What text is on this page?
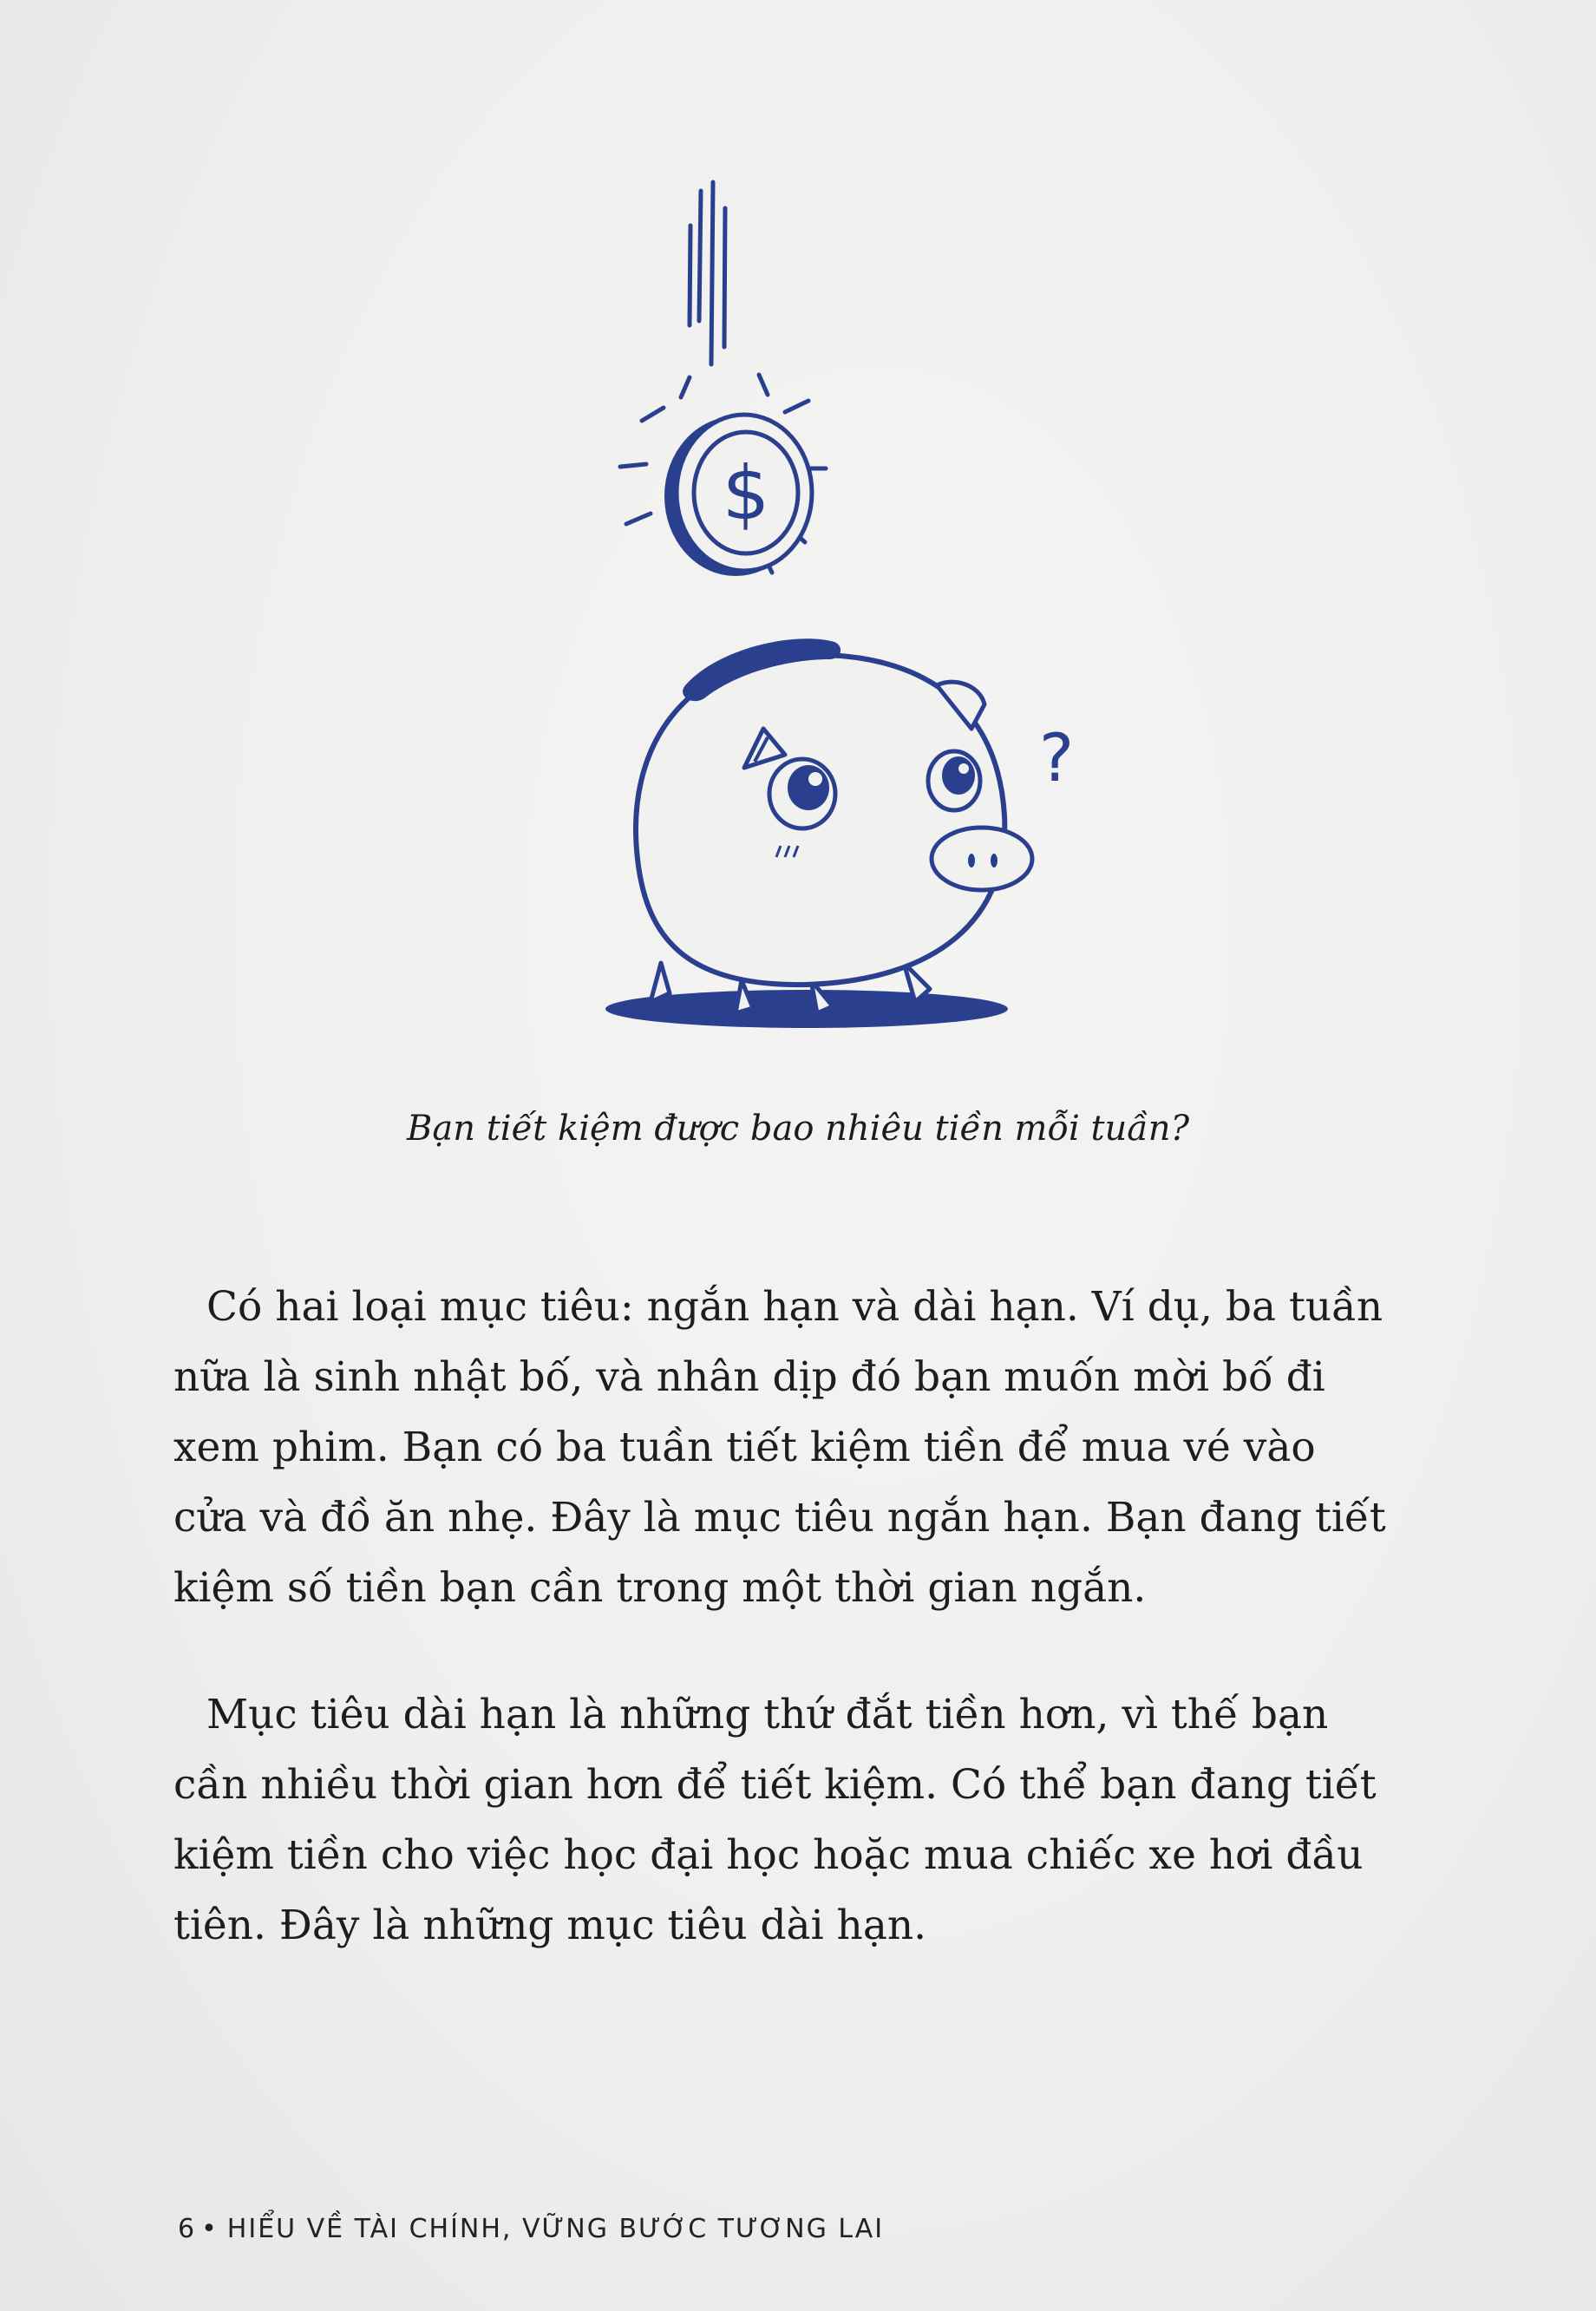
$
?
Bạn tiết kiệm được bao nhiêu tiền mỗi tuần?
Có hai loại mục tiêu: ngắn hạn và dài hạn. Ví dụ, ba tuần
nữa là sinh nhật bố, và nhân dịp đó bạn muốn mời bố đi
xem phim. Bạn có ba tuần tiết kiệm tiền để mua vé vào
cửa và đồ ăn nhẹ. Đây là mục tiêu ngắn hạn. Bạn đang tiết
kiệm số tiền bạn cần trong một thời gian ngắn.
Mục tiêu dài hạn là những thứ đắt tiền hơn, vì thế bạn
cần nhiều thời gian hơn để tiết kiệm. Có thể bạn đang tiết
kiệm tiền cho việc học đại học hoặc mua chiếc xe hơi đầu
tiên. Đây là những mục tiêu dài hạn.
6 • HIỂU VỀ TÀI CHÍNH, VỮNG BƯỚC TƯƠNG LAI
